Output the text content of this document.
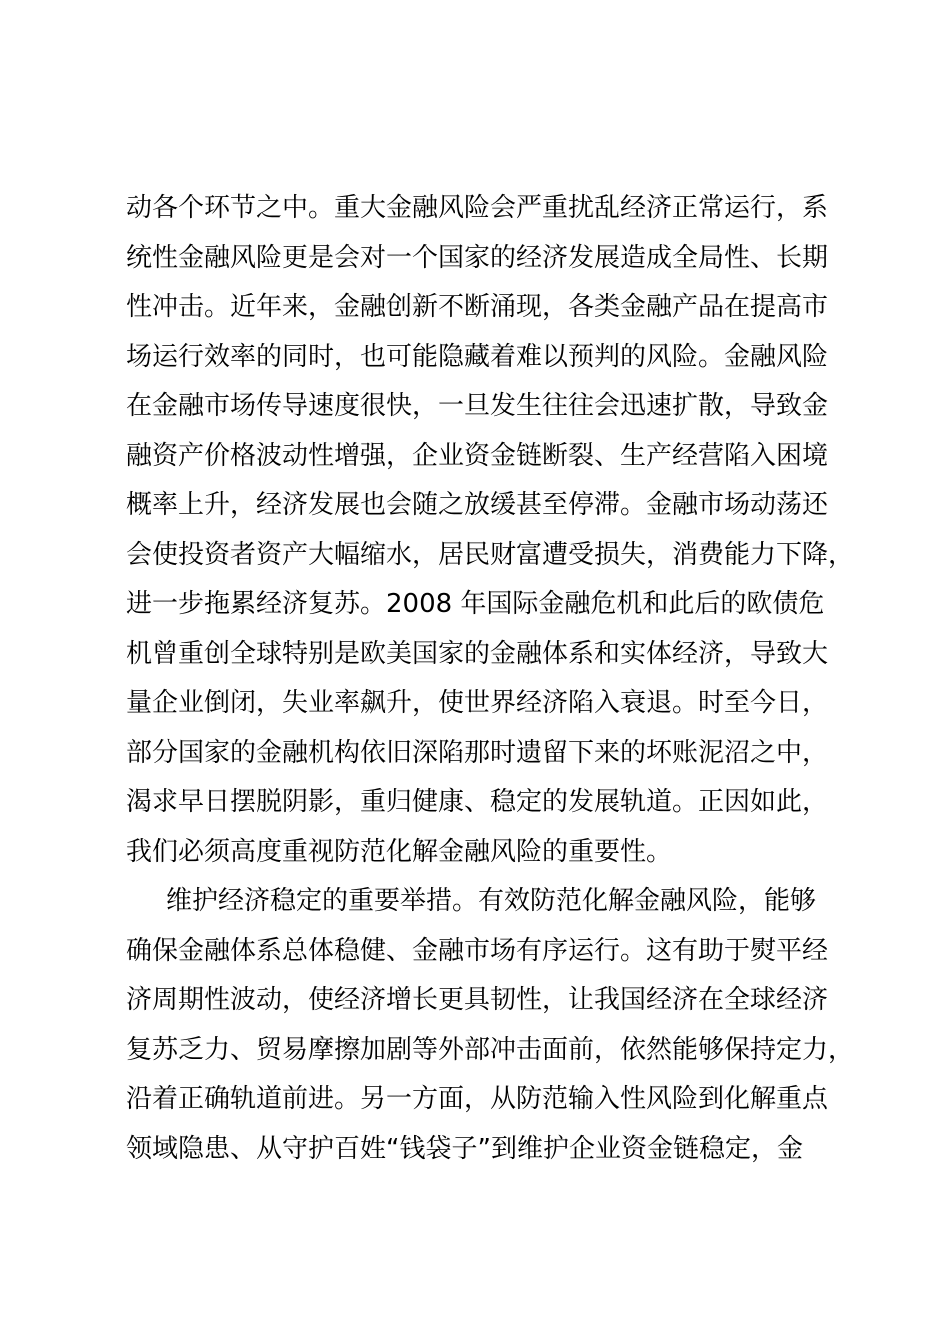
动各个环节之中。重大金融风险会严重扰乱经济正常运行，系
统性金融风险更是会对一个国家的经济发展造成全局性、长期
性冲击。近年来，金融创新不断涌现，各类金融产品在提高市
场运行效率的同时，也可能隐藏着难以预判的风险。金融风险
在金融市场传导速度很快，一旦发生往往会迅速扩散，导致金
融资产价格波动性增强，企业资金链断裂、生产经营陷入困境
概率上升，经济发展也会随之放缓甚至停滞。金融市场动荡还
会使投资者资产大幅缩水，居民财富遭受损失，消费能力下降，
进一步拖累经济复苏。2008 年国际金融危机和此后的欧债危
机曾重创全球特别是欧美国家的金融体系和实体经济，导致大
量企业倒闭，失业率飙升，使世界经济陷入衰退。时至今日，
部分国家的金融机构依旧深陷那时遗留下来的坏账泥沼之中，
渴求早日摆脱阴影，重归健康、稳定的发展轨道。正因如此，
我们必须高度重视防范化解金融风险的重要性。
维护经济稳定的重要举措。有效防范化解金融风险，能够
确保金融体系总体稳健、金融市场有序运行。这有助于熨平经
济周期性波动，使经济增长更具韧性，让我国经济在全球经济
复苏乏力、贸易摩擦加剧等外部冲击面前，依然能够保持定力，
沿着正确轨道前进。另一方面，从防范输入性风险到化解重点
领域隐患、从守护百姓“钱袋子”到维护企业资金链稳定，金
